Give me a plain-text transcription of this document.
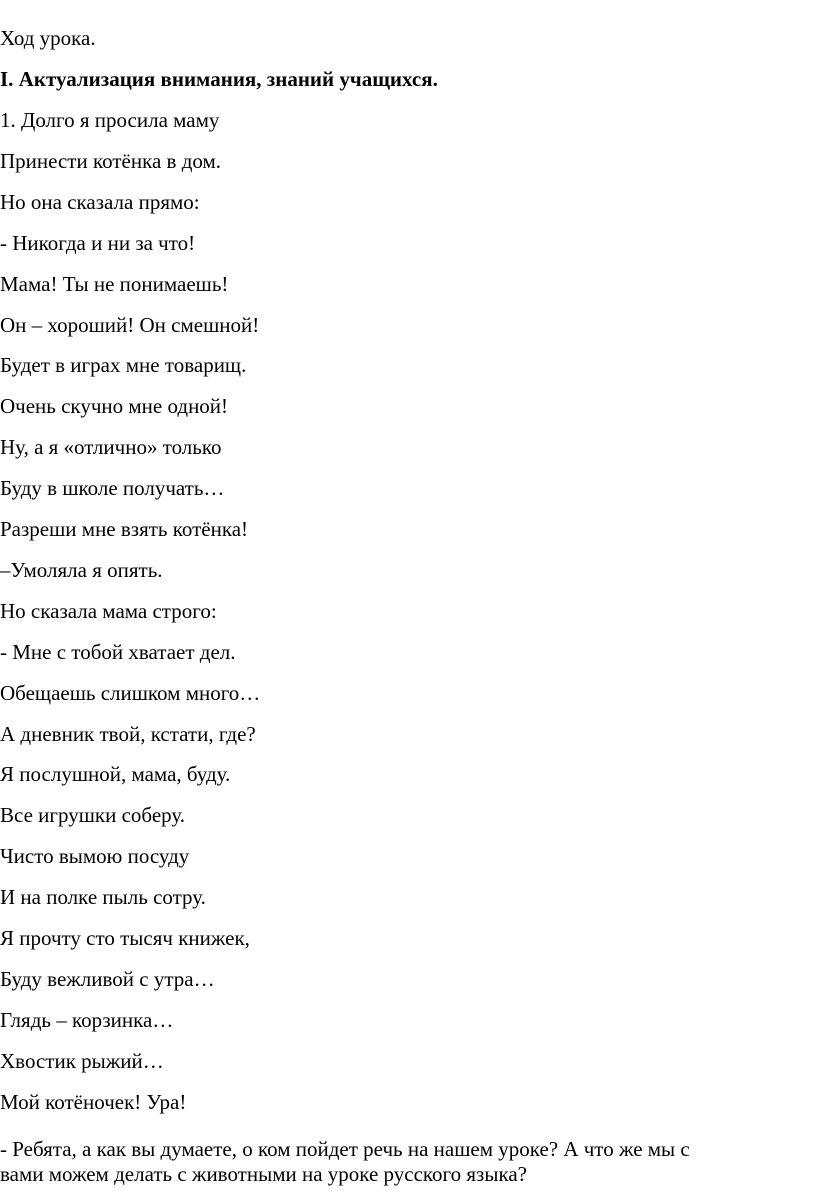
Ход урока.

I. Актуализация внимания, знаний учащихся.

1. Долго я просила маму

Принести котёнка в дом.

Но она сказала прямо:

- Никогда и ни за что!

Мама! Ты не понимаешь!

Он – хороший! Он смешной!

Будет в играх мне товарищ.

Очень скучно мне одной!

Ну, а я «отлично» только

Буду в школе получать…

Разреши мне взять котёнка!

–Умоляла я опять.

Но сказала мама строго:

- Мне с тобой хватает дел.

Обещаешь слишком много…

А дневник твой, кстати, где?

Я послушной, мама, буду.

Все игрушки соберу.

Чисто вымою посуду

И на полке пыль сотру.

Я прочту сто тысяч книжек,

Буду вежливой с утра…

Глядь – корзинка…

Хвостик рыжий…

Мой котёночек! Ура!

- Ребята, а как вы думаете, о ком пойдет речь на нашем уроке? А что же мы с

вами можем делать с животными на уроке русского языка?
